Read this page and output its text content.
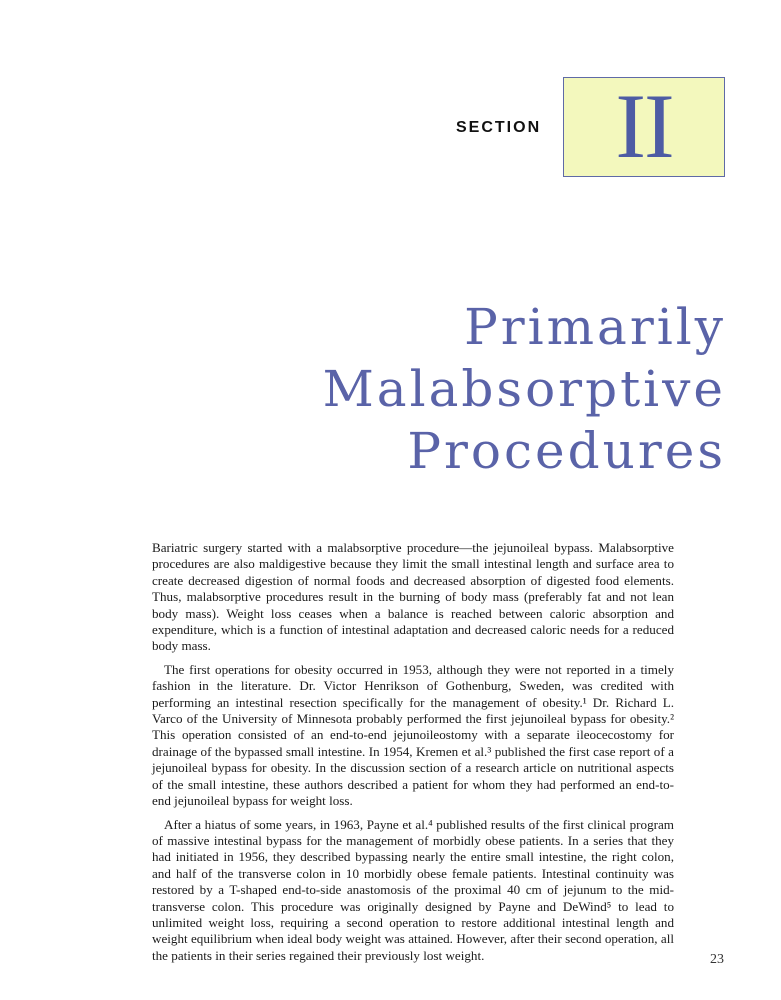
SECTION II
Primarily
Malabsorptive
Procedures

Bariatric surgery started with a malabsorptive procedure—the jejunoileal bypass. Malabsorptive procedures are also maldigestive because they limit the small intestinal length and surface area to create decreased digestion of normal foods and decreased absorption of digested food elements. Thus, malabsorptive procedures result in the burning of body mass (preferably fat and not lean body mass). Weight loss ceases when a balance is reached between caloric absorption and expenditure, which is a function of intestinal adaptation and decreased caloric needs for a reduced body mass.

The first operations for obesity occurred in 1953, although they were not reported in a timely fashion in the literature. Dr. Victor Henrikson of Gothenburg, Sweden, was credited with performing an intestinal resection specifically for the management of obesity.¹ Dr. Richard L. Varco of the University of Minnesota probably performed the first jejunoileal bypass for obesity.² This operation consisted of an end-to-end jejunoileostomy with a separate ileocecostomy for drainage of the bypassed small intestine. In 1954, Kremen et al.³ published the first case report of a jejunoileal bypass for obesity. In the discussion section of a research article on nutritional aspects of the small intestine, these authors described a patient for whom they had performed an end-to-end jejunoileal bypass for weight loss.

After a hiatus of some years, in 1963, Payne et al.⁴ published results of the first clinical program of massive intestinal bypass for the management of morbidly obese patients. In a series that they had initiated in 1956, they described bypassing nearly the entire small intestine, the right colon, and half of the transverse colon in 10 morbidly obese female patients. Intestinal continuity was restored by a T-shaped end-to-side anastomosis of the proximal 40 cm of jejunum to the mid-transverse colon. This procedure was originally designed by Payne and DeWind⁵ to lead to unlimited weight loss, requiring a second operation to restore additional intestinal length and weight equilibrium when ideal body weight was attained. However, after their second operation, all the patients in their series regained their previously lost weight.	23
